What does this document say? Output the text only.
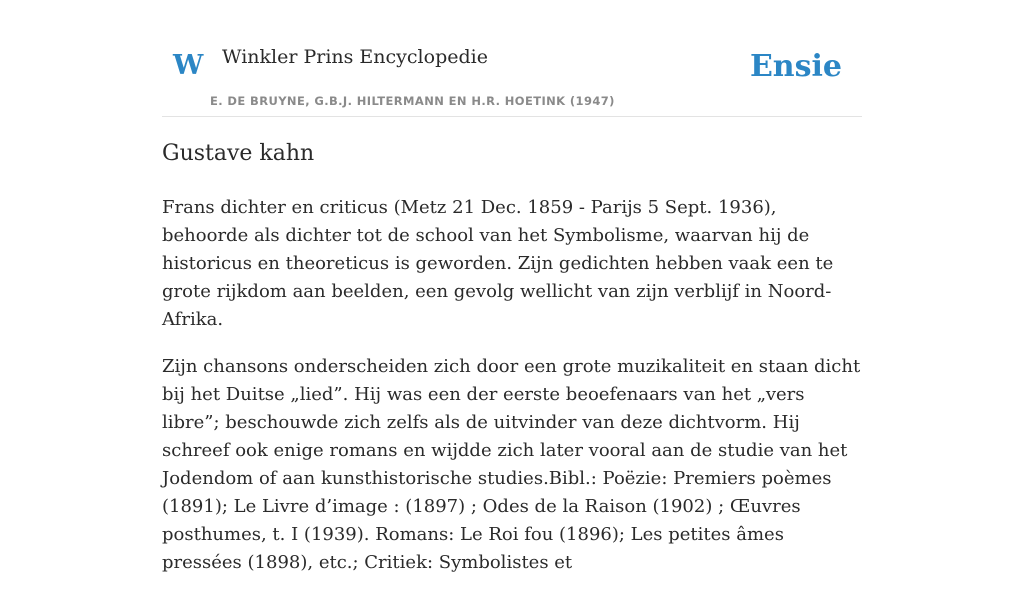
W Winkler Prins Encyclopedie
E. DE BRUYNE, G.B.J. HILTERMANN EN H.R. HOETINK (1947)
Ensie
Gustave kahn

Frans dichter en criticus (Metz 21 Dec. 1859 - Parijs 5 Sept. 1936), behoorde als dichter tot de school van het Symbolisme, waarvan hij de historicus en theoreticus is geworden. Zijn gedichten hebben vaak een te grote rijkdom aan beelden, een gevolg wellicht van zijn verblijf in Noord-Afrika.

Zijn chansons onderscheiden zich door een grote muzikaliteit en staan dicht bij het Duitse „lied”. Hij was een der eerste beoefenaars van het „vers libre”; beschouwde zich zelfs als de uitvinder van deze dichtvorm. Hij schreef ook enige romans en wijdde zich later vooral aan de studie van het Jodendom of aan kunsthistorische studies.Bibl.: Poëzie: Premiers poèmes (1891); Le Livre d’image : (1897) ; Odes de la Raison (1902) ; Œuvres posthumes, t. I (1939). Romans: Le Roi fou (1896); Les petites âmes pressées (1898), etc.; Critiek: Symbolistes et
